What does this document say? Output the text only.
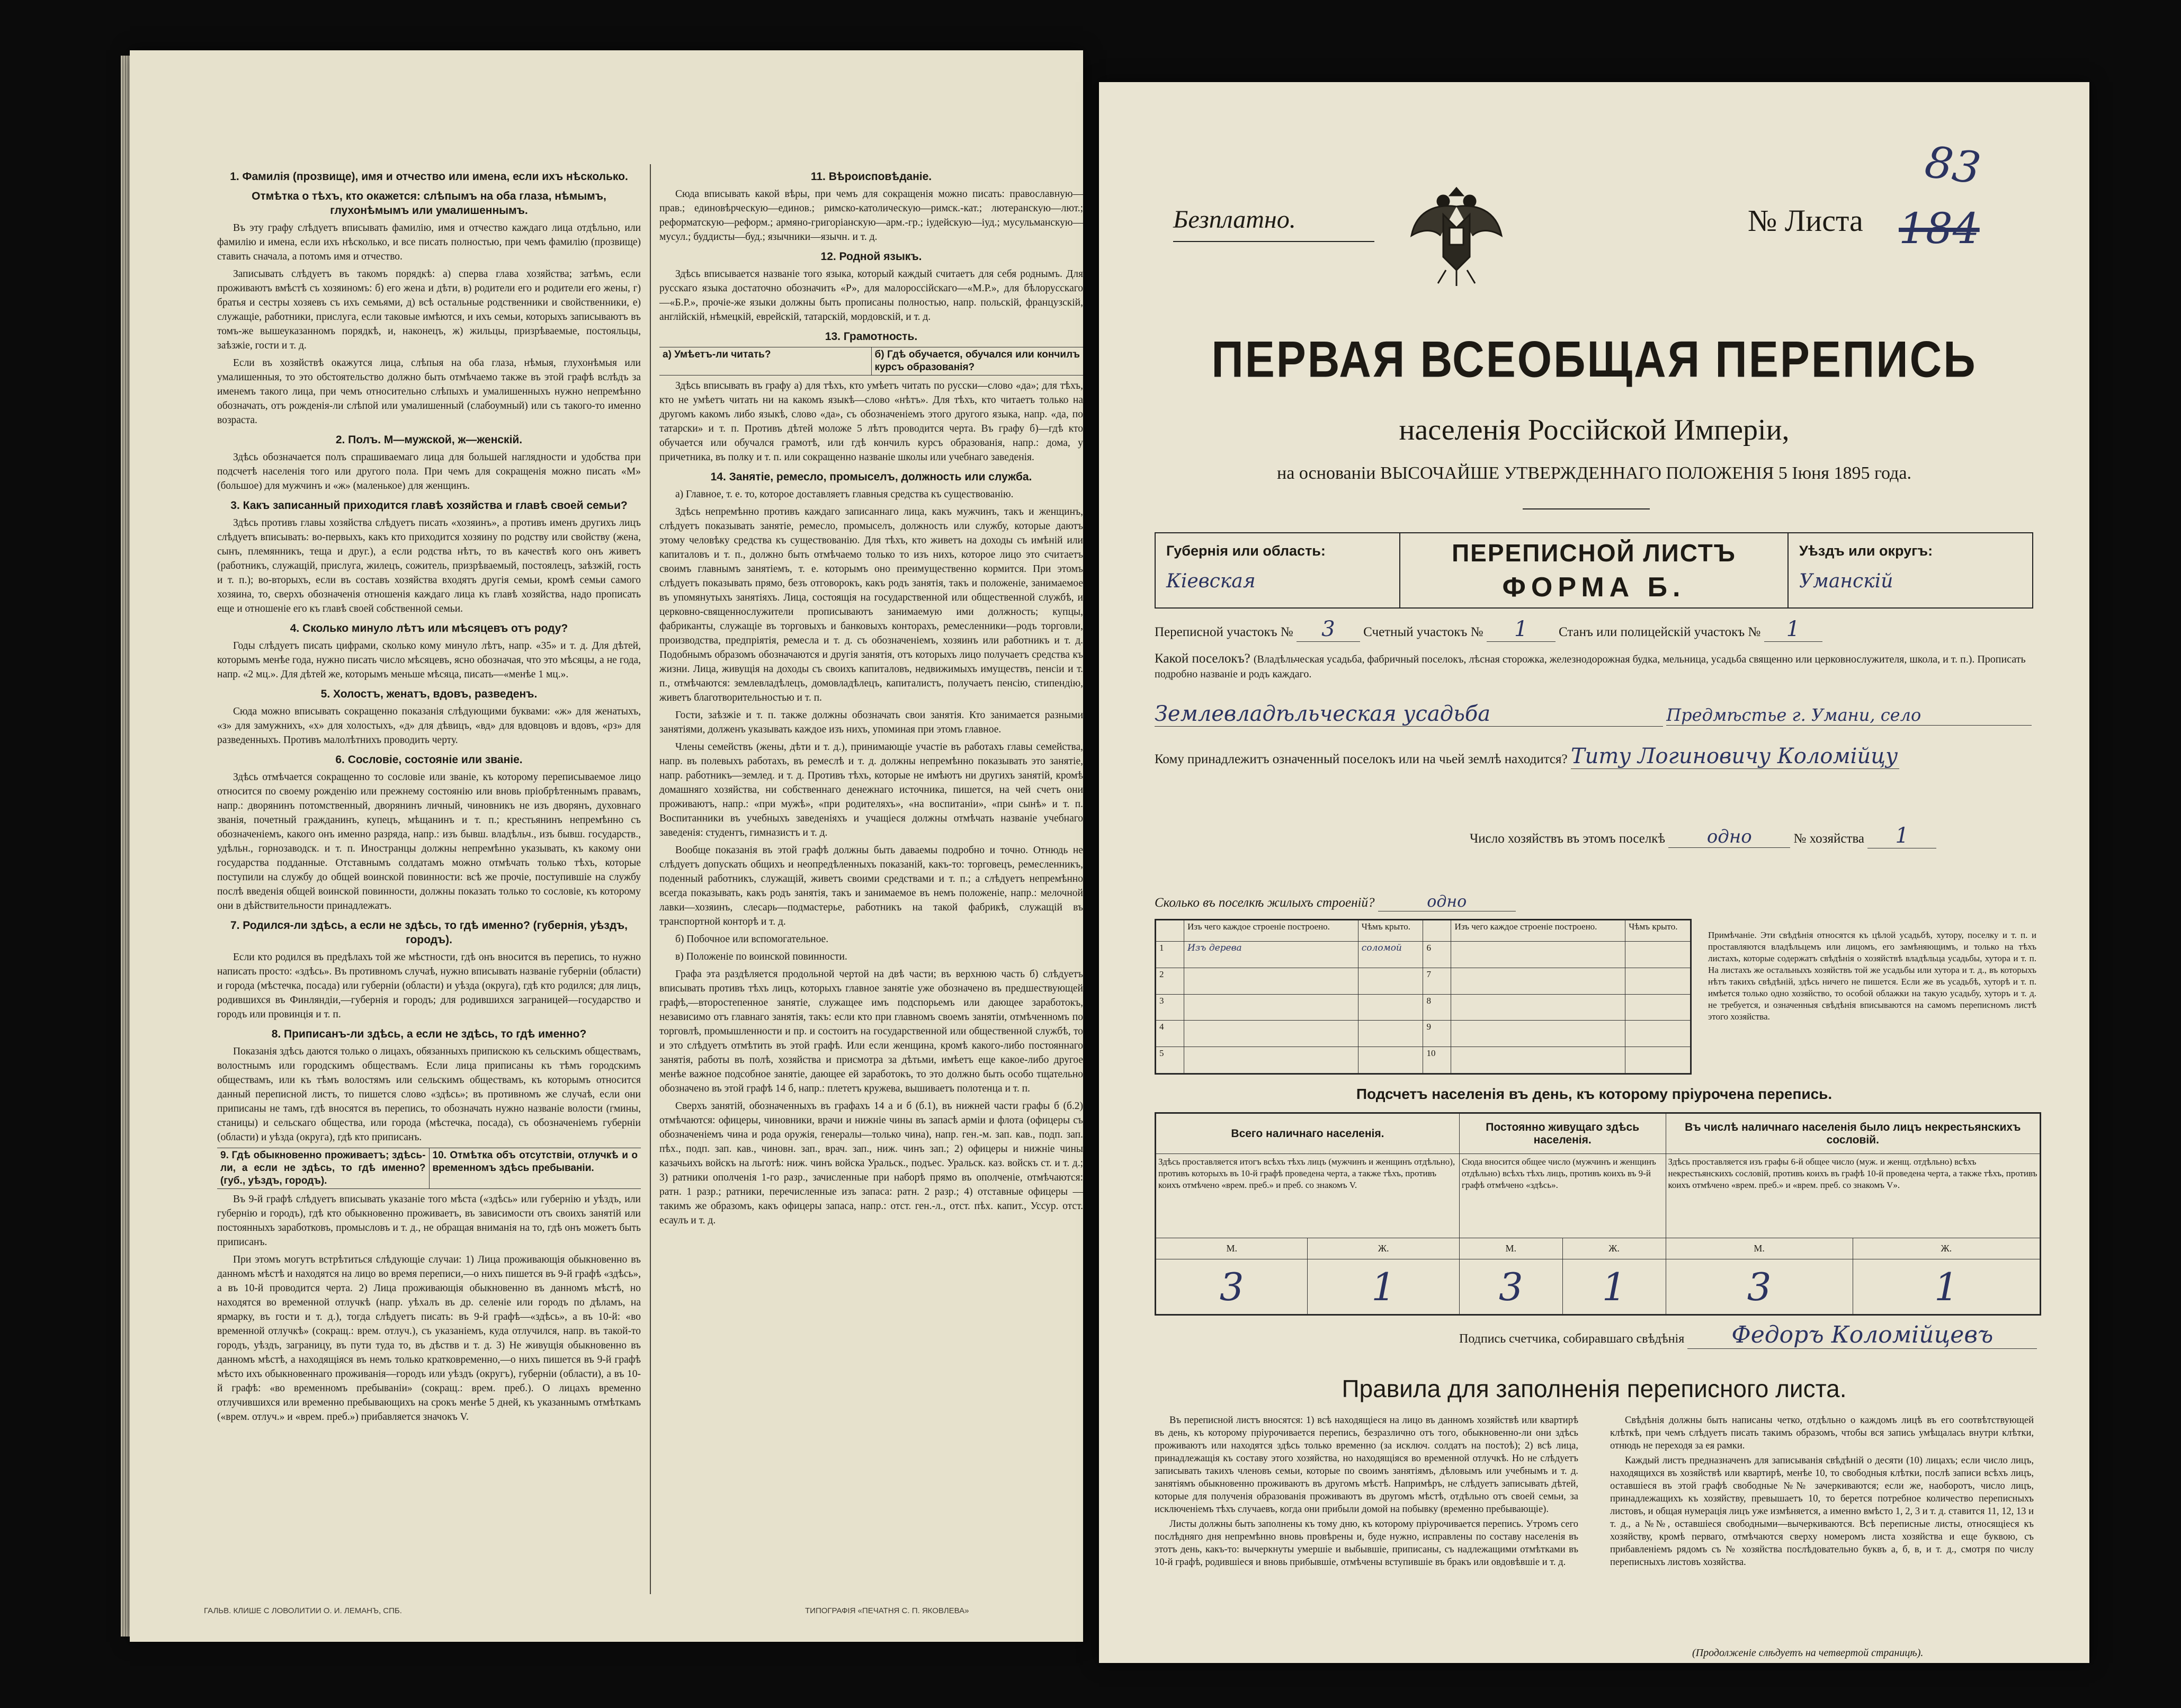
1. Фамилія (прозвище), имя и отчество или имена, если ихъ нѣсколько.
Отмѣтка о тѣхъ, кто окажется: слѣпымъ на оба глаза, нѣмымъ, глухонѣмымъ или умалишеннымъ.

Въ эту графу слѣдуетъ вписывать фамилію, имя и отчество каждаго лица отдѣльно, или фамилію и имена, если ихъ нѣсколько, и все писать полностью, при чемъ фамилію (прозвище) ставить сначала, а потомъ имя и отчество.

Записывать слѣдуетъ въ такомъ порядкѣ: а) сперва глава хозяйства; затѣмъ, если проживаютъ вмѣстѣ съ хозяиномъ: б) его жена и дѣти, в) родители его и родители его жены, г) братья и сестры хозяевъ съ ихъ семьями, д) всѣ остальные родственники и свойственники, е) служащіе, работники, прислуга, если таковые имѣются, и ихъ семьи, которыхъ записываютъ въ томъ-же вышеуказанномъ порядкѣ, и, наконецъ, ж) жильцы, призрѣваемые, постояльцы, заѣзжіе, гости и т. д.

Если въ хозяйствѣ окажутся лица, слѣпыя на оба глаза, нѣмыя, глухонѣмыя или умалишенныя, то это обстоятельство должно быть отмѣчаемо также въ этой графѣ вслѣдъ за именемъ такого лица, при чемъ относительно слѣпыхъ и умалишенныхъ нужно непремѣнно обозначать, отъ рожденія-ли слѣпой или умалишенный (слабоумный) или съ такого-то именно возраста.

2. Полъ. М—мужской, ж—женскій.

Здѣсь обозначается полъ спрашиваемаго лица для большей наглядности и удобства при подсчетѣ населенія того или другого пола. При чемъ для сокращенія можно писать «М» (большое) для мужчинъ и «ж» (маленькое) для женщинъ.

3. Какъ записанный приходится главѣ хозяйства и главѣ своей семьи?

Здѣсь противъ главы хозяйства слѣдуетъ писать «хозяинъ», а противъ именъ другихъ лицъ слѣдуетъ вписывать: во-первыхъ, какъ кто приходится хозяину по родству или свойству (жена, сынъ, племянникъ, теща и друг.), а если родства нѣтъ, то въ качествѣ кого онъ живетъ (работникъ, служащій, прислуга, жилецъ, сожитель, призрѣваемый, постоялецъ, заѣзжій, гость и т. п.); во-вторыхъ, если въ составъ хозяйства входятъ другія семьи, кромѣ семьи самого хозяина, то, сверхъ обозначенія отношенія каждаго лица къ главѣ хозяйства, надо прописать еще и отношеніе его къ главѣ своей собственной семьи.

4. Сколько минуло лѣтъ или мѣсяцевъ отъ роду?

Годы слѣдуетъ писать цифрами, сколько кому минуло лѣтъ, напр. «35» и т. д. Для дѣтей, которымъ менѣе года, нужно писать число мѣсяцевъ, ясно обозначая, что это мѣсяцы, а не года, напр. «2 мц.». Для дѣтей же, которымъ меньше мѣсяца, писать—«менѣе 1 мц.».

5. Холостъ, женатъ, вдовъ, разведенъ.

Сюда можно вписывать сокращенно показанія слѣдующими буквами: «ж» для женатыхъ, «з» для замужнихъ, «х» для холостыхъ, «д» для дѣвицъ, «вд» для вдовцовъ и вдовъ, «рз» для разведенныхъ. Противъ малолѣтнихъ проводить черту.

6. Сословіе, состояніе или званіе.

Здѣсь отмѣчается сокращенно то сословіе или званіе, къ которому переписываемое лицо относится по своему рожденію или прежнему состоянію или вновь пріобрѣтеннымъ правамъ, напр.: дворянинъ потомственный, дворянинъ личный, чиновникъ не изъ дворянъ, духовнаго званія, почетный гражданинъ, купецъ, мѣщанинъ и т. п.; крестьянинъ непремѣнно съ обозначеніемъ, какого онъ именно разряда, напр.: изъ бывш. владѣльч., изъ бывш. государств., удѣльн., горнозаводск. и т. п. Иностранцы должны непремѣнно указывать, къ какому они государства подданные. Отставнымъ солдатамъ можно отмѣчать только тѣхъ, которые поступили на службу до общей воинской повинности: всѣ же прочіе, поступившіе на службу послѣ введенія общей воинской повинности, должны показать только то сословіе, къ которому они в дѣйствительности принадлежатъ.

7. Родился-ли здѣсь, а если не здѣсь, то гдѣ именно? (губернія, уѣздъ, городъ).

Если кто родился въ предѣлахъ той же мѣстности, гдѣ онъ вносится въ перепись, то нужно написать просто: «здѣсь». Въ противномъ случаѣ, нужно вписывать названіе губерніи (области) и города (мѣстечка, посада) или губерніи (области) и уѣзда (округа), гдѣ кто родился; для лицъ, родившихся въ Финляндіи,—губернія и городъ; для родившихся заграницей—государство и городъ или провинція и т. п.

8. Приписанъ-ли здѣсь, а если не здѣсь, то гдѣ именно?

Показанія здѣсь даются только о лицахъ, обязанныхъ припискою къ сельскимъ обществамъ, волостнымъ или городскимъ обществамъ. Если лица приписаны къ тѣмъ городскимъ обществамъ, или къ тѣмъ волостямъ или сельскимъ обществамъ, къ которымъ относится данный переписной листъ, то пишется слово «здѣсь»; въ противномъ же случаѣ, если они приписаны не тамъ, гдѣ вносятся въ перепись, то обозначать нужно названіе волости (гмины, станицы) и сельскаго общества, или города (мѣстечка, посада), съ обозначеніемъ губерніи (области) и уѣзда (округа), гдѣ кто приписанъ.

9. Гдѣ обыкновенно проживаетъ; здѣсь-ли, а если не здѣсь, то гдѣ именно? (губ., уѣздъ, городъ).
10. Отмѣтка объ отсутствіи, отлучкѣ и о временномъ здѣсь пребываніи.

Въ 9-й графѣ слѣдуетъ вписывать указаніе того мѣста («здѣсь» или губернію и уѣздъ, или губернію и городъ), гдѣ кто обыкновенно проживаетъ, въ зависимости отъ своихъ занятій или постоянныхъ заработковъ, промысловъ и т. д., не обращая вниманія на то, гдѣ онъ можетъ быть приписанъ.

При этомъ могутъ встрѣтиться слѣдующіе случаи: 1) Лица проживающія обыкновенно въ данномъ мѣстѣ и находятся на лицо во время переписи,—о нихъ пишется въ 9-й графѣ «здѣсь», а въ 10-й проводится черта. 2) Лица проживающія обыкновенно въ данномъ мѣстѣ, но находятся во временной отлучкѣ (напр. уѣхалъ въ др. селеніе или городъ по дѣламъ, на ярмарку, въ гости и т. д.), тогда слѣдуетъ писать: въ 9-й графѣ—«здѣсь», а въ 10-й: «во временной отлучкѣ» (сокращ.: врем. отлуч.), съ указаніемъ, куда отлучился, напр. въ такой-то городъ, уѣздъ, заграницу, въ пути тудa то, въ дѣствв и т. д. 3) Не живущія обыкновенно въ данномъ мѣстѣ, а находящіяся въ немъ только кратковременно,—о нихъ пишется въ 9-й графѣ мѣсто ихъ обыкновеннаго проживанія—городъ или уѣздъ (округъ), губерніи (области), а въ 10-й графѣ: «во временномъ пребываніи» (сокращ.: врем. преб.). О лицахъ временно отлучившихся или временно пребывающихъ на срокъ менѣе 5 дней, къ указаннымъ отмѣткамъ («врем. отлуч.» и «врем. преб.») прибавляется значокъ V.

11. Вѣроисповѣданіе.

Сюда вписывать какой вѣры, при чемъ для сокращенія можно писать: православную—прав.; единовѣрческую—единов.; римско-католическую—римск.-кат.; лютеранскую—лют.; реформатскую—реформ.; армяно-григоріанскую—арм.-гр.; іудейскую—іуд.; мусульманскую—мусул.; буддисты—буд.; язычники—язычн. и т. д.

12. Родной языкъ.

Здѣсь вписывается названіе того языка, который каждый считаетъ для себя роднымъ. Для русскаго языка достаточно обозначить «Р», для малороссійскаго—«М.Р.», для бѣлорусскаго—«Б.Р.», прочіе-же языки должны быть прописаны полностью, напр. польскій, французскій, англійскій, нѣмецкій, еврейскій, татарскій, мордовскій, и т. д.

13. Грамотность.
а) Умѣетъ-ли читать?	б) Гдѣ обучается, обучался или кончилъ курсъ образованія?

Здѣсь вписывать въ графу а) для тѣхъ, кто умѣетъ читать по русски—слово «да»; для тѣхъ, кто не умѣетъ читать ни на какомъ языкѣ—слово «нѣтъ». Для тѣхъ, кто читаетъ только на другомъ какомъ либо языкѣ, слово «да», съ обозначеніемъ этого другого языка, напр. «да, по татарски» и т. п. Противъ дѣтей моложе 5 лѣтъ проводится черта. Въ графу б)—гдѣ кто обучается или обучался грамотѣ, или гдѣ кончилъ курсъ образованія, напр.: дома, у причетника, въ полку и т. п. или сокращенно названіе школы или учебнаго заведенія.

14. Занятіе, ремесло, промыселъ, должность или служба.

а) Главное, т. е. то, которое доставляетъ главныя средства къ существованію.

Здѣсь непремѣнно противъ каждаго записаннаго лица, какъ мужчинъ, такъ и женщинъ, слѣдуетъ показывать занятіе, ремесло, промыселъ, должность или службу, которые даютъ этому человѣку средства къ существованію. Для тѣхъ, кто живетъ на доходы съ имѣній или капиталовъ и т. п., должно быть отмѣчаемо только то изъ нихъ, которое лицо это считаетъ своимъ главнымъ занятіемъ, т. е. которымъ оно преимущественно кормится. При этомъ слѣдуетъ показывать прямо, безъ отговорокъ, какъ родъ занятія, такъ и положеніе, занимаемое въ упомянутыхъ занятіяхъ. Лица, состоящія на государственной или общественной службѣ, и церковно-священнослужители прописываютъ занимаемую ими должность; купцы, фабриканты, служащіе въ торговыхъ и банковыхъ конторахъ, ремесленники—родъ торговли, производства, предпріятія, ремесла и т. д. съ обозначеніемъ, хозяинъ или работникъ и т. д. Подобнымъ образомъ обозначаются и другія занятія, отъ которыхъ лицо получаетъ средства къ жизни. Лица, живущія на доходы съ своихъ капиталовъ, недвижимыхъ имуществъ, пенсіи и т. п., отмѣчаются: землевладѣлецъ, домовладѣлецъ, капиталистъ, получаетъ пенсію, стипендію, живетъ благотворительностью и т. п.

Гости, заѣзжіе и т. п. также должны обозначать свои занятія. Кто занимается разными занятіями, долженъ указывать каждое изъ нихъ, упоминая при этомъ главное.

Члены семействъ (жены, дѣти и т. д.), принимающіе участіе въ работахъ главы семейства, напр. въ полевыхъ работахъ, въ ремеслѣ и т. д. должны непремѣнно показывать это занятіе, напр. работникъ—землед. и т. д. Противъ тѣхъ, которые не имѣютъ ни другихъ занятій, кромѣ домашняго хозяйства, ни собственнаго денежнаго источника, пишется, на чей счетъ они проживаютъ, напр.: «при мужѣ», «при родителяхъ», «на воспитаніи», «при сынѣ» и т. п. Воспитанники въ учебныхъ заведеніяхъ и учащіеся должны отмѣчать названіе учебнаго заведенія: студентъ, гимназистъ и т. д.

Вообще показанія въ этой графѣ должны быть даваемы подробно и точно. Отнюдь не слѣдуетъ допускать общихъ и неопредѣленныхъ показаній, какъ-то: торговецъ, ремесленникъ, поденный работникъ, служащій, живетъ своими средствами и т. п.; а слѣдуетъ непремѣнно всегда показывать, какъ родъ занятія, такъ и занимаемое въ немъ положеніе, напр.: мелочной лавки—хозяинъ, слесарь—подмастерье, работникъ на такой фабрикѣ, служащій въ транспортной конторѣ и т. д.

б) Побочное или вспомогательное.

в) Положеніе по воинской повинности.

Графа эта раздѣляется продольной чертой на двѣ части; въ верхнюю часть б) слѣдуетъ вписывать противъ тѣхъ лицъ, которыхъ главное занятіе уже обозначено въ предшествующей графѣ,—второстепенное занятіе, служащее имъ подспорьемъ или дающее заработокъ, независимо отъ главнаго занятія, такъ: если кто при главномъ своемъ занятіи, отмѣченномъ по торговлѣ, промышленности и пр. и состоитъ на государственной или общественной службѣ, то и это слѣдуетъ отмѣтить въ этой графѣ. Или если женщина, кромѣ какого-либо постояннаго занятія, работы въ полѣ, хозяйства и присмотра за дѣтьми, имѣетъ еще какое-либо другое менѣе важное подсобное занятіе, дающее ей заработокъ, то это должно быть особо тщательно обозначено въ этой графѣ 14 б, напр.: плететъ кружева, вышиваетъ полотенца и т. п.

Сверхъ занятій, обозначенныхъ въ графахъ 14 а и б (б.1), въ нижней части графы б (б.2) отмѣчаются: офицеры, чиновники, врачи и нижніе чины въ запасѣ арміи и флота (офицеры съ обозначеніемъ чина и рода оружія, генералы—только чина), напр. ген.-м. зап. кав., подп. зап. пѣх., подп. зап. кав., чиновн. зап., врач. зап., ниж. чинъ зап.; 2) офицеры и нижніе чины казачьихъ войскъ на льготѣ: ниж. чинъ войска Уральск., подъес. Уральск. каз. войскъ ст. и т. д.; 3) ратники ополченія 1-го разр., зачисленные при наборѣ прямо въ ополченіе, отмѣчаются: ратн. 1 разр.; ратники, перечисленные изъ запаса: ратн. 2 разр.; 4) отставные офицеры — такимъ же образомъ, какъ офицеры запаса, напр.: отст. ген.-л., отст. пѣх. капит., Уссур. отст. есаулъ и т. д.

ГАЛЬВ. КЛИШЕ С ЛОВОЛИТИИ О. И. ЛЕМАНЪ, СПБ.	ТИПОГРАФІЯ «ПЕЧАТНЯ С. П. ЯКОВЛЕВА»
Безплатно.	№ Листа
83
184
ПЕРВАЯ ВСЕОБЩАЯ ПЕРЕПИСЬ
населенія Россійской Имперіи,
на основаніи ВЫСОЧАЙШЕ УТВЕРЖДЕННАГО ПОЛОЖЕНІЯ 5 Іюня 1895 года.
Губернія или область:
Кіевская
ПЕРЕПИСНОЙ ЛИСТЪ
ФОРМА Б.
Уѣздъ или округъ:
Уманскій
Переписной участокъ № 3 Счетный участокъ № 1 Станъ или полицейскій участокъ № 1
Какой поселокъ? (Владѣльческая усадьба, фабричный поселокъ, лѣсная сторожка, железнодорожная будка, мельница, усадьба священно или церковнослужителя, школа, и т. п.). Прописать подробно названіе и родъ каждаго.
Землевладѣльческая усадьба	Предмѣстье г. Умани, село
Кому принадлежитъ означенный поселокъ или на чьей землѣ находится? Титу Логиновичу Коломійцу
Число хозяйствъ въ этомъ поселкѣ одно	№ хозяйства 1
Сколько въ поселкѣ жилыхъ строеній?	одно
	Изъ чего каждое строеніе построено.	Чѣмъ крыто.		Изъ чего каждое строеніе построено.	Чѣмъ крыто.
1	Изъ дерева	соломой	6		
2			7		
3			8		
4			9		
5			10		
Примѣчаніе. Эти свѣдѣнія относятся къ цѣлой усадьбѣ, хутору, поселку и т. п. и проставляются владѣльцемъ или лицомъ, его замѣняющимъ, и только на тѣхъ листахъ, которые содержатъ свѣдѣнія о хозяйствѣ владѣльца усадьбы, хутора и т. п. На листахъ же остальныхъ хозяйствъ той же усадьбы или хутора и т. д., въ которыхъ нѣтъ такихъ свѣдѣній, здѣсь ничего не пишется. Если же въ усадьбѣ, хуторѣ и т. п. имѣется только одно хозяйство, то особой облажки на такую усадьбу, хуторъ и т. д. не требуется, и означенныя свѣдѣнія вписываются на самомъ переписномъ листѣ этого хозяйства.
Подсчетъ населенія въ день, къ которому пріурочена перепись.
Всего наличнаго населенія.		Постоянно живущаго здѣсь населенія.		Въ числѣ наличнаго населенія было лицъ некрестьянскихъ сословій.	
Здѣсь проставляется итогъ всѣхъ тѣхъ лицъ (мужчинъ и женщинъ отдѣльно), противъ которыхъ въ 10-й графѣ проведена черта, а также тѣхъ, противъ коихъ отмѣчено «врем. преб.» и преб. со знакомъ V.		Сюда вносится общее число (мужчинъ и женщинъ отдѣльно) всѣхъ тѣхъ лицъ, противъ коихъ въ 9-й графѣ отмѣчено «здѣсь».		Здѣсь проставляется изъ графы 6-й общее число (муж. и женщ. отдѣльно) всѣхъ некрестьянскихъ сословій, противъ коихъ въ графѣ 10-й проведена черта, а также тѣхъ, противъ коихъ отмѣчено «врем. преб.» и «врем. преб. со знакомъ V».	
М.	Ж.	М.	Ж.	М.	Ж.
3	1	3	1	3	1
Подпись счетчика, собиравшаго свѣдѣнія Федоръ Коломійцевъ
Правила для заполненія переписного листа.

Въ переписной листъ вносятся: 1) всѣ находящіеся на лицо въ данномъ хозяйствѣ или квартирѣ въ день, къ которому пріурочивается перепись, безразлично отъ того, обыкновенно-ли они здѣсь проживаютъ или находятся здѣсь только временно (за исключ. солдатъ на постоѣ); 2) всѣ лица, принадлежащія къ составу этого хозяйства, но находящіяся во временной отлучкѣ. Но не слѣдуетъ записывать такихъ членовъ семьи, которые по своимъ занятіямъ, дѣловымъ или учебнымъ и т. д. занятіямъ обыкновенно проживаютъ въ другомъ мѣстѣ. Напримѣръ, не слѣдуетъ записывать дѣтей, которые для полученія образованія проживаютъ въ другомъ мѣстѣ, отдѣльно отъ своей семьи, за исключеніемъ тѣхъ случаевъ, когда они прибыли домой на побывку (временно пребывающіе).

Листы должны быть заполнены къ тому дню, къ которому пріурочивается перепись. Утромъ сего послѣдняго дня непремѣнно вновь провѣрены и, буде нужно, исправлены по составу населенія въ этотъ день, какъ-то: вычеркнуты умершіе и выбывшіе, приписаны, съ надлежащими отмѣтками въ 10-й графѣ, родившіеся и вновь прибывшіе, отмѣчены вступившіе въ бракъ или овдовѣвшіе и т. д.

Свѣдѣнія должны быть написаны четко, отдѣльно о каждомъ лицѣ въ его соотвѣтствующей клѣткѣ, при чемъ слѣдуетъ писать такимъ образомъ, чтобы вся запись умѣщалась внутри клѣтки, отнюдь не переходя за ея рамки.

Каждый листъ предназначенъ для записыванія свѣдѣній о десяти (10) лицахъ; если число лицъ, находящихся въ хозяйствѣ или квартирѣ, менѣе 10, то свободныя клѣтки, послѣ записи всѣхъ лицъ, оставшіеся въ этой графѣ свободные №№ зачеркиваются; если же, наоборотъ, число лицъ, принадлежащихъ къ хозяйству, превышаетъ 10, то берется потребное количество переписныхъ листовъ, и общая нумерація лицъ уже измѣняется, а именно вмѣсто 1, 2, 3 и т. д. ставится 11, 12, 13 и т. д., а №№, оставшіеся свободными—вычеркиваются. Всѣ переписные листы, относящіеся къ хозяйству, кромѣ перваго, отмѣчаются сверху номеромъ листа хозяйства и еще буквою, съ прибавленіемъ рядомъ съ № хозяйства послѣдовательно буквъ а, б, в, и т. д., смотря по числу переписныхъ листовъ хозяйства.

(Продолженіе слѣдуетъ на четвертой страницѣ).
